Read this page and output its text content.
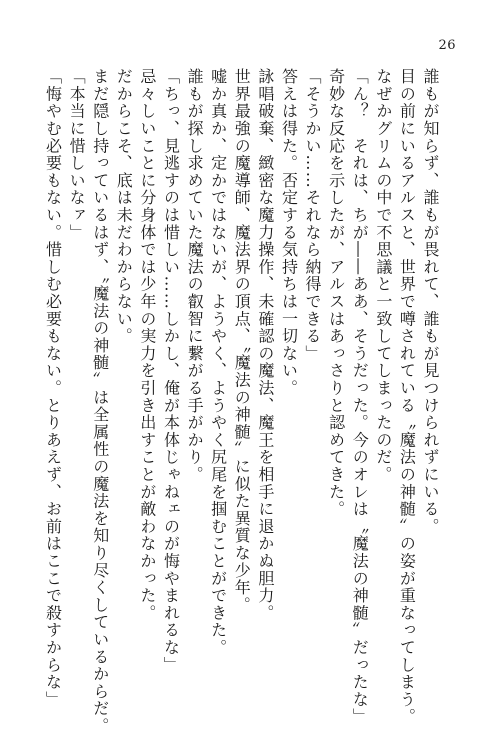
26
誰もが知らず、誰もが畏れて、誰もが見つけられずにいる。
目の前にいるアルスと、世界で噂されている〝魔法の神髄〟の姿が重なってしまう。
なぜかグリムの中で不思議と一致してしまったのだ。
「ん？　それは、ちが――ああ、そうだった。今のオレは〝魔法の神髄〟だったな」
奇妙な反応を示したが、アルスはあっさりと認めてきた。
「そうかい……それなら納得できる」
答えは得た。否定する気持ちは一切ない。
詠唱破棄、緻密な魔力操作、未確認の魔法、魔王を相手に退かぬ胆力。
世界最強の魔導師、魔法界の頂点、〝魔法の神髄〟に似た異質な少年。
嘘か真か、定かではないが、ようやく、ようやく尻尾を掴むことができた。
誰もが探し求めていた魔法の叡智に繋がる手がかり。
「ちっ、見逃すのは惜しい……しかし、俺が本体じゃねェのが悔やまれるな」
忌々しいことに分身体では少年の実力を引き出すことが敵わなかった。
だからこそ、底は未だわからない。
まだ隠し持っているはず、〝魔法の神髄〟は全属性の魔法を知り尽くしているからだ。
「本当に惜しいなァ」
「悔やむ必要もない。惜しむ必要もない。とりあえず、お前はここで殺すからな」
